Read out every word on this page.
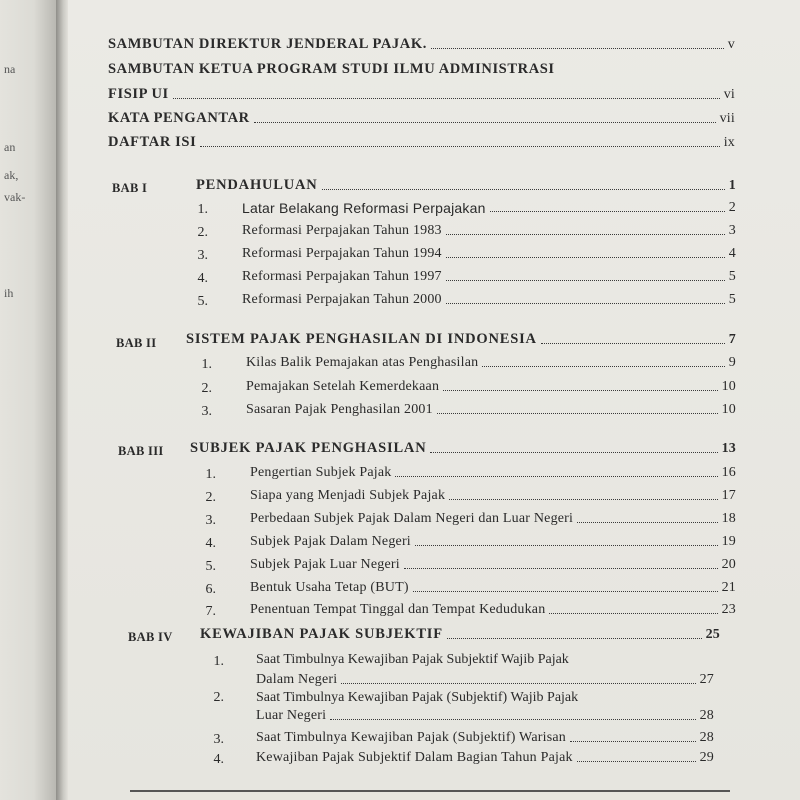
na
an
ak,
vak-
ih
SAMBUTAN DIREKTUR JENDERAL PAJAK.	v
SAMBUTAN KETUA PROGRAM STUDI ILMU ADMINISTRASI
FISIP UI	vi
KATA PENGANTAR	vii
DAFTAR ISI	ix
BAB I	PENDAHULUAN	1
1. Latar Belakang Reformasi Perpajakan	2
2. Reformasi Perpajakan Tahun 1983	3
3. Reformasi Perpajakan Tahun 1994	4
4. Reformasi Perpajakan Tahun 1997	5
5. Reformasi Perpajakan Tahun 2000	5
BAB II SISTEM PAJAK PENGHASILAN DI INDONESIA	7
1. Kilas Balik Pemajakan atas Penghasilan	9
2. Pemajakan Setelah Kemerdekaan	10
3. Sasaran Pajak Penghasilan 2001	10
BAB III SUBJEK PAJAK PENGHASILAN	13
1. Pengertian Subjek Pajak	16
2. Siapa yang Menjadi Subjek Pajak	17
3. Perbedaan Subjek Pajak Dalam Negeri dan Luar Negeri	18
4. Subjek Pajak Dalam Negeri	19
5. Subjek Pajak Luar Negeri	20
6. Bentuk Usaha Tetap (BUT)	21
7. Penentuan Tempat Tinggal dan Tempat Kedudukan	23
BAB IV KEWAJIBAN PAJAK SUBJEKTIF	25
1. Saat Timbulnya Kewajiban Pajak Subjektif Wajib Pajak
Dalam Negeri	27
2. Saat Timbulnya Kewajiban Pajak (Subjektif) Wajib Pajak
Luar Negeri	28
3. Saat Timbulnya Kewajiban Pajak (Subjektif) Warisan	28
4. Kewajiban Pajak Subjektif Dalam Bagian Tahun Pajak	29
